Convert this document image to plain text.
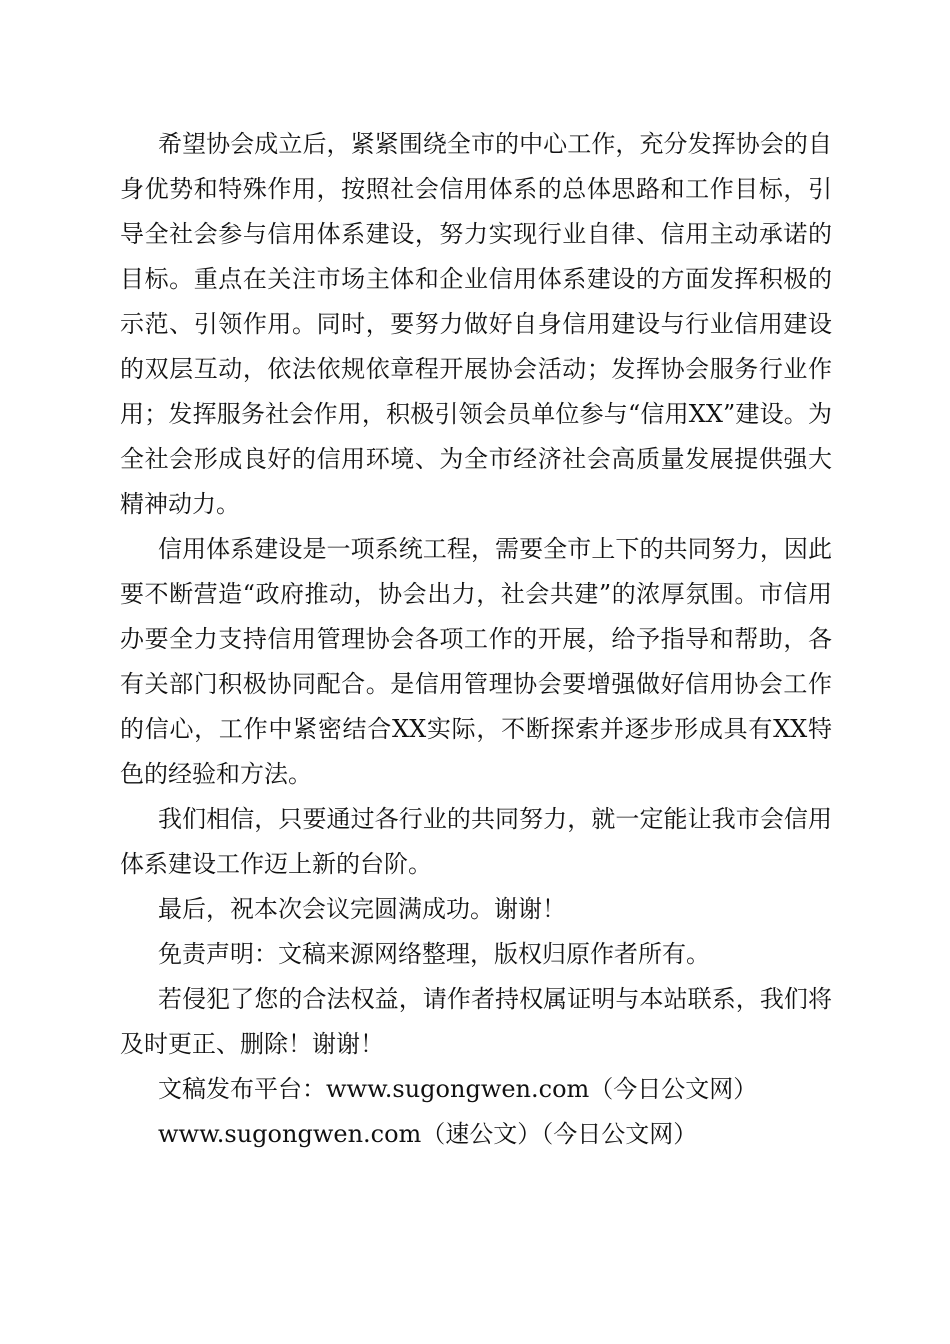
希望协会成立后，紧紧围绕全市的中心工作，充分发挥协会的自身优势和特殊作用，按照社会信用体系的总体思路和工作目标，引导全社会参与信用体系建设，努力实现行业自律、信用主动承诺的目标。重点在关注市场主体和企业信用体系建设的方面发挥积极的示范、引领作用。同时，要努力做好自身信用建设与行业信用建设的双层互动，依法依规依章程开展协会活动；发挥协会服务行业作用；发挥服务社会作用，积极引领会员单位参与“信用XX”建设。为全社会形成良好的信用环境、为全市经济社会高质量发展提供强大精神动力。

信用体系建设是一项系统工程，需要全市上下的共同努力，因此要不断营造“政府推动，协会出力，社会共建”的浓厚氛围。市信用办要全力支持信用管理协会各项工作的开展，给予指导和帮助，各有关部门积极协同配合。是信用管理协会要增强做好信用协会工作的信心，工作中紧密结合XX实际，不断探索并逐步形成具有XX特色的经验和方法。

我们相信，只要通过各行业的共同努力，就一定能让我市会信用体系建设工作迈上新的台阶。

最后，祝本次会议完圆满成功。谢谢！

免责声明：文稿来源网络整理，版权归原作者所有。

若侵犯了您的合法权益，请作者持权属证明与本站联系，我们将及时更正、删除！谢谢！

文稿发布平台：www.sugongwen.com（今日公文网）
www.sugongwen.com（速公文）（今日公文网）
